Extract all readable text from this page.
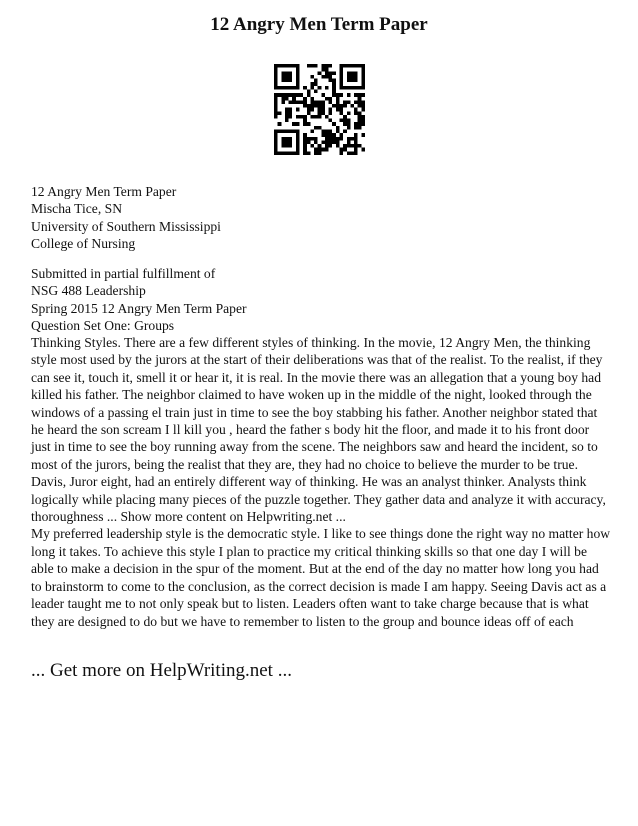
12 Angry Men Term Paper

12 Angry Men Term Paper

Mischa Tice, SN

University of Southern Mississippi

College of Nursing

Submitted in partial fulfillment of

NSG 488 Leadership

Spring 2015 12 Angry Men Term Paper

Question Set One: Groups

Thinking Styles. There are a few different styles of thinking. In the movie, 12 Angry Men, the thinking style most used by the jurors at the start of their deliberations was that of the realist. To the realist, if they can see it, touch it, smell it or hear it, it is real. In the movie there was an allegation that a young boy had killed his father. The neighbor claimed to have woken up in the middle of the night, looked through the windows of a passing el train just in time to see the boy stabbing his father. Another neighbor stated that he heard the son scream I ll kill you , heard the father s body hit the floor, and made it to his front door just in time to see the boy running away from the scene. The neighbors saw and heard the incident, so to most of the jurors, being the realist that they are, they had no choice to believe the murder to be true.

Davis, Juror eight, had an entirely different way of thinking. He was an analyst thinker. Analysts think logically while placing many pieces of the puzzle together. They gather data and analyze it with accuracy, thoroughness ... Show more content on Helpwriting.net ...

My preferred leadership style is the democratic style. I like to see things done the right way no matter how long it takes. To achieve this style I plan to practice my critical thinking skills so that one day I will be able to make a decision in the spur of the moment. But at the end of the day no matter how long you had to brainstorm to come to the conclusion, as the correct decision is made I am happy. Seeing Davis act as a leader taught me to not only speak but to listen. Leaders often want to take charge because that is what they are designed to do but we have to remember to listen to the group and bounce ideas off of each

... Get more on HelpWriting.net ...
